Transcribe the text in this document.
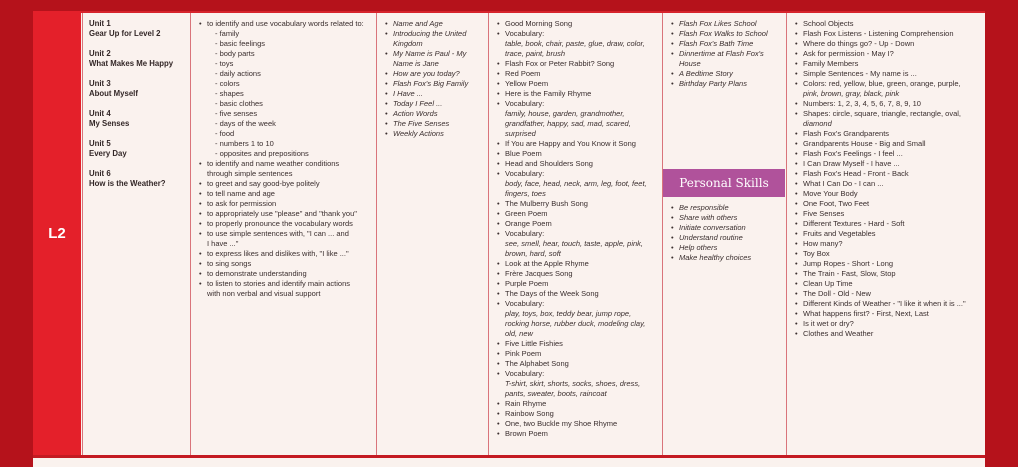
L2
Unit 1
Gear Up for Level 2
Unit 2
What Makes Me Happy
Unit 3
About Myself
Unit 4
My Senses
Unit 5
Every Day
Unit 6
How is the Weather?
• to identify and use vocabulary words related to:
- family
- basic feelings
- body parts
- toys
- daily actions
- colors
- shapes
- basic clothes
- five senses
- days of the week
- food
- numbers 1 to 10
- opposites and prepositions
• to identify and name weather conditions
through simple sentences
• to greet and say good-bye politely
• to tell name and age
• to ask for permission
• to appropriately use "please" and "thank you"
• to properly pronounce the vocabulary words
• to use simple sentences with, "I can ... and
I have ..."
• to express likes and dislikes with, "I like ..."
• to sing songs
• to demonstrate understanding
• to listen to stories and identify main actions
with non verbal and visual support
• Name and Age
• Introducing the United Kingdom
• My Name is Paul - My Name is Jane
• How are you today?
• Flash Fox's Big Family
• I Have ...
• Today I Feel ...
• Action Words
• The Five Senses
• Weekly Actions
• Good Morning Song
• Vocabulary:
table, book, chair, paste, glue, draw, color,
trace, paint, brush
• Flash Fox or Peter Rabbit? Song
• Red Poem
• Yellow Poem
• Here is the Family Rhyme
• Vocabulary:
family, house, garden, grandmother,
grandfather, happy, sad, mad, scared,
surprised
• If You are Happy and You Know it Song
• Blue Poem
• Head and Shoulders Song
• Vocabulary:
body, face, head, neck, arm, leg, foot, feet,
fingers, toes
• The Mulberry Bush Song
• Green Poem
• Orange Poem
• Vocabulary:
see, smell, hear, touch, taste, apple, pink,
brown, hard, soft
• Look at the Apple Rhyme
• Frère Jacques Song
• Purple Poem
• The Days of the Week Song
• Vocabulary:
play, toys, box, teddy bear, jump rope,
rocking horse, rubber duck, modeling clay,
old, new
• Five Little Fishies
• Pink Poem
• The Alphabet Song
• Vocabulary:
T-shirt, skirt, shorts, socks, shoes, dress,
pants, sweater, boots, raincoat
• Rain Rhyme
• Rainbow Song
• One, two Buckle my Shoe Rhyme
• Brown Poem
• Flash Fox Likes School
• Flash Fox Walks to School
• Flash Fox's Bath Time
• Dinnertime at Flash Fox's House
• A Bedtime Story
• Birthday Party Plans
• School Objects
• Flash Fox Listens - Listening Comprehension
• Where do things go? - Up - Down
• Ask for permission - May I?
• Family Members
• Simple Sentences - My name is ...
• Colors: red, yellow, blue, green, orange, purple,
pink, brown, gray, black, pink
• Numbers: 1, 2, 3, 4, 5, 6, 7, 8, 9, 10
• Shapes: circle, square, triangle, rectangle, oval,
diamond
• Flash Fox's Grandparents
• Grandparents House - Big and Small
• Flash Fox's Feelings - I feel ...
• I Can Draw Myself - I have ...
• Flash Fox's Head - Front - Back
• What I Can Do - I can ...
• Move Your Body
• One Foot, Two Feet
• Five Senses
• Different Textures - Hard - Soft
• Fruits and Vegetables
• How many?
• Toy Box
• Jump Ropes - Short - Long
• The Train - Fast, Slow, Stop
• Clean Up Time
• The Doll - Old - New
• Different Kinds of Weather - "I like it when it is ..."
• What happens first? - First, Next, Last
• Is it wet or dry?
• Clothes and Weather
Personal Skills
• Be responsible
• Share with others
• Initiate conversation
• Understand routine
• Help others
• Make healthy choices
